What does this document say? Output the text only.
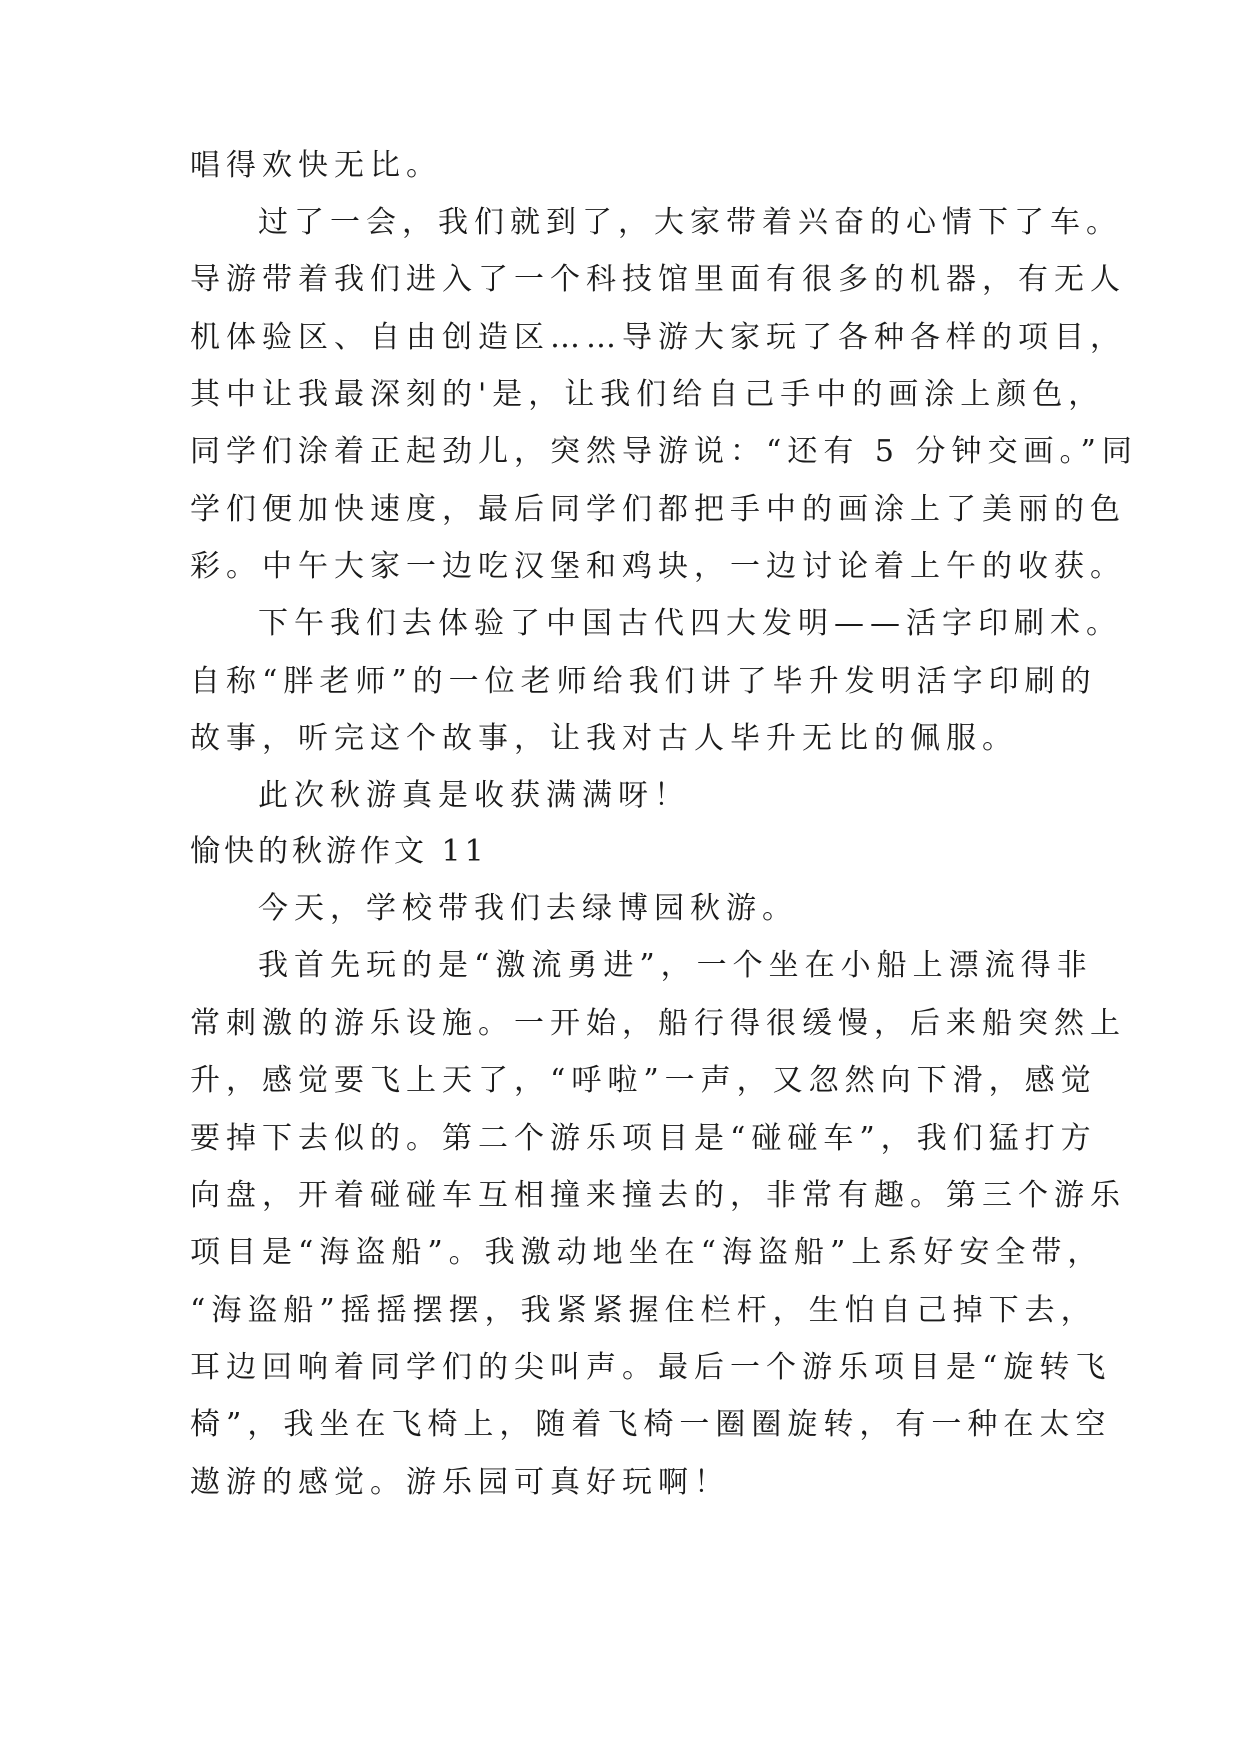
唱得欢快无比。
过了一会，我们就到了，大家带着兴奋的心情下了车。
导游带着我们进入了一个科技馆里面有很多的机器，有无人
机体验区、自由创造区……导游大家玩了各种各样的项目，
其中让我最深刻的'是，让我们给自己手中的画涂上颜色，
同学们涂着正起劲儿，突然导游说：“还有 5 分钟交画。”同
学们便加快速度，最后同学们都把手中的画涂上了美丽的色
彩。中午大家一边吃汉堡和鸡块，一边讨论着上午的收获。
下午我们去体验了中国古代四大发明——活字印刷术。
自称“胖老师”的一位老师给我们讲了毕升发明活字印刷的
故事，听完这个故事，让我对古人毕升无比的佩服。
此次秋游真是收获满满呀！
愉快的秋游作文 11
今天，学校带我们去绿博园秋游。
我首先玩的是“激流勇进”，一个坐在小船上漂流得非
常刺激的游乐设施。一开始，船行得很缓慢，后来船突然上
升，感觉要飞上天了，“呼啦”一声，又忽然向下滑，感觉
要掉下去似的。第二个游乐项目是“碰碰车”，我们猛打方
向盘，开着碰碰车互相撞来撞去的，非常有趣。第三个游乐
项目是“海盗船”。我激动地坐在“海盗船”上系好安全带，
“海盗船”摇摇摆摆，我紧紧握住栏杆，生怕自己掉下去，
耳边回响着同学们的尖叫声。最后一个游乐项目是“旋转飞
椅”，我坐在飞椅上，随着飞椅一圈圈旋转，有一种在太空
遨游的感觉。游乐园可真好玩啊！
